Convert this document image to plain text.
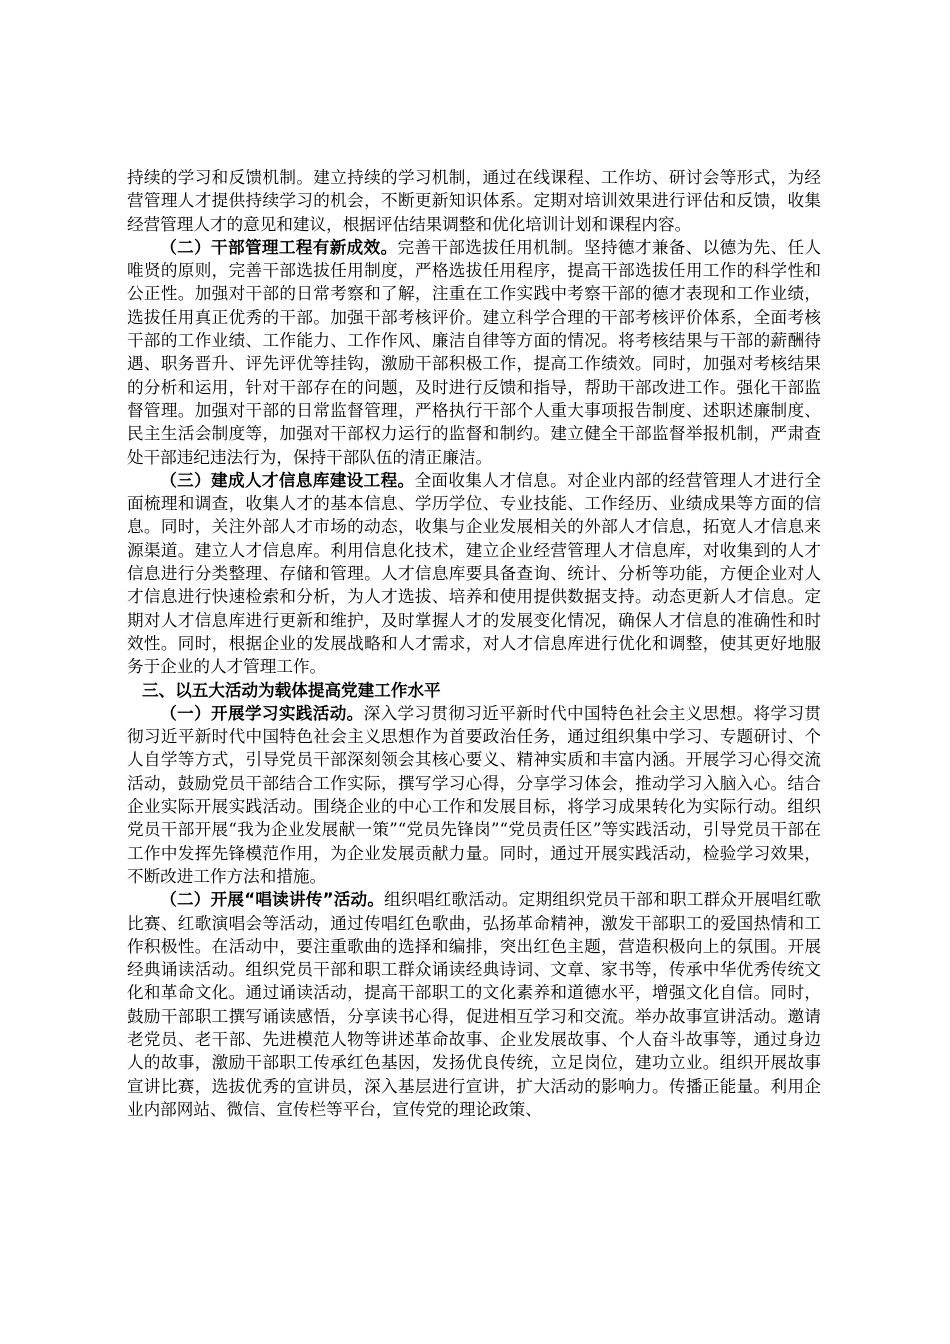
持续的学习和反馈机制。建立持续的学习机制，通过在线课程、工作坊、研讨会等形式，为经营管理人才提供持续学习的机会，不断更新知识体系。定期对培训效果进行评估和反馈，收集经营管理人才的意见和建议，根据评估结果调整和优化培训计划和课程内容。

（二）干部管理工程有新成效。完善干部选拔任用机制。坚持德才兼备、以德为先、任人唯贤的原则，完善干部选拔任用制度，严格选拔任用程序，提高干部选拔任用工作的科学性和公正性。加强对干部的日常考察和了解，注重在工作实践中考察干部的德才表现和工作业绩，选拔任用真正优秀的干部。加强干部考核评价。建立科学合理的干部考核评价体系，全面考核干部的工作业绩、工作能力、工作作风、廉洁自律等方面的情况。将考核结果与干部的薪酬待遇、职务晋升、评先评优等挂钩，激励干部积极工作，提高工作绩效。同时，加强对考核结果的分析和运用，针对干部存在的问题，及时进行反馈和指导，帮助干部改进工作。强化干部监督管理。加强对干部的日常监督管理，严格执行干部个人重大事项报告制度、述职述廉制度、民主生活会制度等，加强对干部权力运行的监督和制约。建立健全干部监督举报机制，严肃查处干部违纪违法行为，保持干部队伍的清正廉洁。

（三）建成人才信息库建设工程。全面收集人才信息。对企业内部的经营管理人才进行全面梳理和调查，收集人才的基本信息、学历学位、专业技能、工作经历、业绩成果等方面的信息。同时，关注外部人才市场的动态，收集与企业发展相关的外部人才信息，拓宽人才信息来源渠道。建立人才信息库。利用信息化技术，建立企业经营管理人才信息库，对收集到的人才信息进行分类整理、存储和管理。人才信息库要具备查询、统计、分析等功能，方便企业对人才信息进行快速检索和分析，为人才选拔、培养和使用提供数据支持。动态更新人才信息。定期对人才信息库进行更新和维护，及时掌握人才的发展变化情况，确保人才信息的准确性和时效性。同时，根据企业的发展战略和人才需求，对人才信息库进行优化和调整，使其更好地服务于企业的人才管理工作。

三、以五大活动为载体提高党建工作水平

（一）开展学习实践活动。深入学习贯彻习近平新时代中国特色社会主义思想。将学习贯彻习近平新时代中国特色社会主义思想作为首要政治任务，通过组织集中学习、专题研讨、个人自学等方式，引导党员干部深刻领会其核心要义、精神实质和丰富内涵。开展学习心得交流活动，鼓励党员干部结合工作实际，撰写学习心得，分享学习体会，推动学习入脑入心。结合企业实际开展实践活动。围绕企业的中心工作和发展目标，将学习成果转化为实际行动。组织党员干部开展“我为企业发展献一策”“党员先锋岗”“党员责任区”等实践活动，引导党员干部在工作中发挥先锋模范作用，为企业发展贡献力量。同时，通过开展实践活动，检验学习效果，不断改进工作方法和措施。

（二）开展“唱读讲传”活动。组织唱红歌活动。定期组织党员干部和职工群众开展唱红歌比赛、红歌演唱会等活动，通过传唱红色歌曲，弘扬革命精神，激发干部职工的爱国热情和工作积极性。在活动中，要注重歌曲的选择和编排，突出红色主题，营造积极向上的氛围。开展经典诵读活动。组织党员干部和职工群众诵读经典诗词、文章、家书等，传承中华优秀传统文化和革命文化。通过诵读活动，提高干部职工的文化素养和道德水平，增强文化自信。同时，鼓励干部职工撰写诵读感悟，分享读书心得，促进相互学习和交流。举办故事宣讲活动。邀请老党员、老干部、先进模范人物等讲述革命故事、企业发展故事、个人奋斗故事等，通过身边人的故事，激励干部职工传承红色基因，发扬优良传统，立足岗位，建功立业。组织开展故事宣讲比赛，选拔优秀的宣讲员，深入基层进行宣讲，扩大活动的影响力。传播正能量。利用企业内部网站、微信、宣传栏等平台，宣传党的理论政策、
